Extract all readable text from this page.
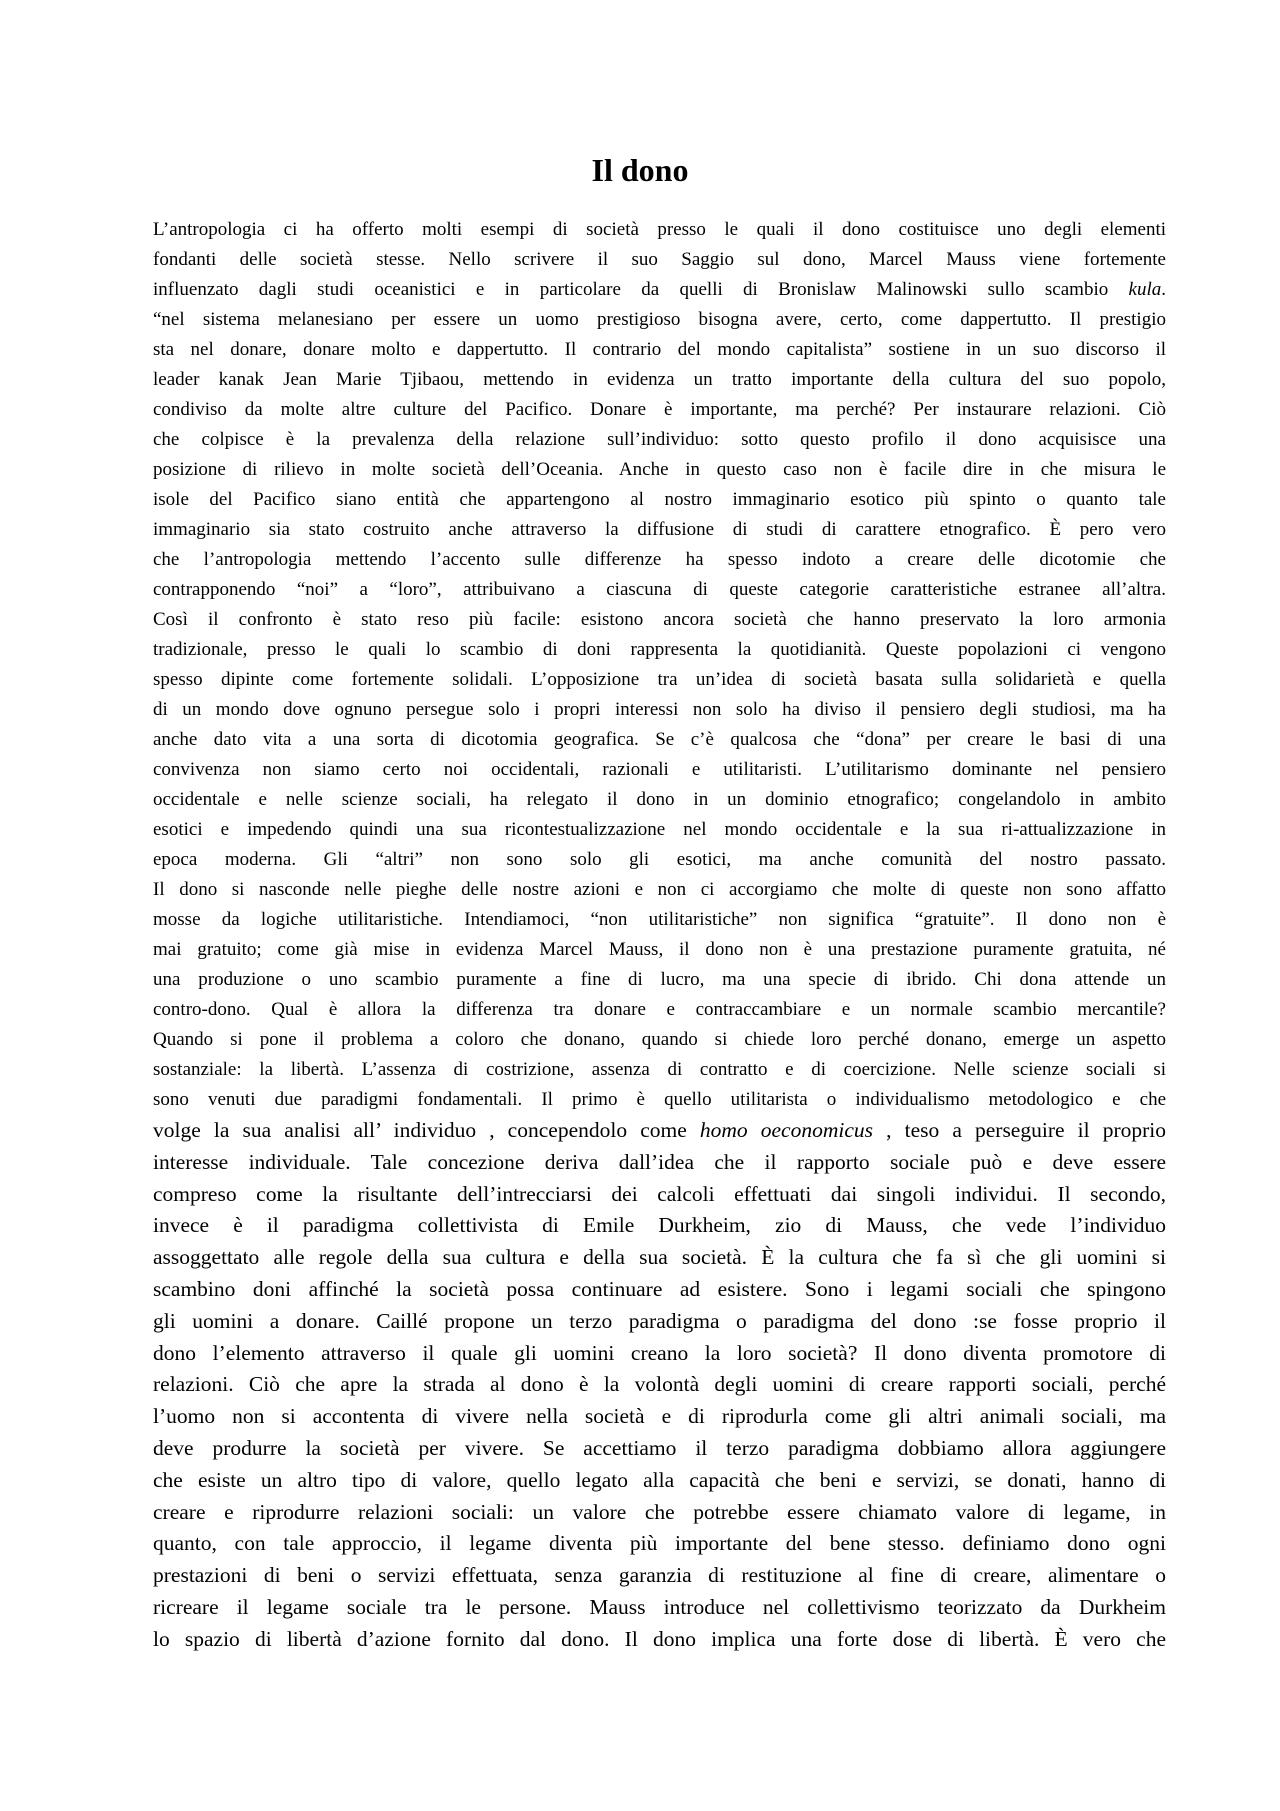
Il dono
L’antropologia ci ha offerto molti esempi di società presso le quali il dono costituisce uno degli elementi
fondanti delle società stesse. Nello scrivere il suo Saggio sul dono, Marcel Mauss viene fortemente
influenzato dagli studi oceanistici e in particolare da quelli di Bronislaw Malinowski sullo scambio kula.
“nel sistema melanesiano per essere un uomo prestigioso bisogna avere, certo, come dappertutto. Il prestigio
sta nel donare, donare molto e dappertutto. Il contrario del mondo capitalista” sostiene in un suo discorso il
leader kanak Jean Marie Tjibaou, mettendo in evidenza un tratto importante della cultura del suo popolo,
condiviso da molte altre culture del Pacifico. Donare è importante, ma perché? Per instaurare relazioni. Ciò
che colpisce è la prevalenza della relazione sull’individuo: sotto questo profilo il dono acquisisce una
posizione di rilievo in molte società dell’Oceania. Anche in questo caso non è facile dire in che misura le
isole del Pacifico siano entità che appartengono al nostro immaginario esotico più spinto o quanto tale
immaginario sia stato costruito anche attraverso la diffusione di studi di carattere etnografico. È pero vero
che l’antropologia mettendo l’accento sulle differenze ha spesso indoto a creare delle dicotomie che
contrapponendo “noi” a “loro”, attribuivano a ciascuna di queste categorie caratteristiche estranee all’altra.
Così il confronto è stato reso più facile: esistono ancora società che hanno preservato la loro armonia
tradizionale, presso le quali lo scambio di doni rappresenta la quotidianità. Queste popolazioni ci vengono
spesso dipinte come fortemente solidali. L’opposizione tra un’idea di società basata sulla solidarietà e quella
di un mondo dove ognuno persegue solo i propri interessi non solo ha diviso il pensiero degli studiosi, ma ha
anche dato vita a una sorta di dicotomia geografica. Se c’è qualcosa che “dona” per creare le basi di una
convivenza non siamo certo noi occidentali, razionali e utilitaristi. L’utilitarismo dominante nel pensiero
occidentale e nelle scienze sociali, ha relegato il dono in un dominio etnografico; congelandolo in ambito
esotici e impedendo quindi una sua ricontestualizzazione nel mondo occidentale e la sua ri-attualizzazione in
epoca moderna. Gli “altri” non sono solo gli esotici, ma anche comunità del nostro passato.
Il dono si nasconde nelle pieghe delle nostre azioni e non ci accorgiamo che molte di queste non sono affatto
mosse da logiche utilitaristiche. Intendiamoci, “non utilitaristiche” non significa “gratuite”. Il dono non è
mai gratuito; come già mise in evidenza Marcel Mauss, il dono non è una prestazione puramente gratuita, né
una produzione o uno scambio puramente a fine di lucro, ma una specie di ibrido. Chi dona attende un
contro-dono. Qual è allora la differenza tra donare e contraccambiare e un normale scambio mercantile?
Quando si pone il problema a coloro che donano, quando si chiede loro perché donano, emerge un aspetto
sostanziale: la libertà. L’assenza di costrizione, assenza di contratto e di coercizione. Nelle scienze sociali si
sono venuti due paradigmi fondamentali. Il primo è quello utilitarista o individualismo metodologico e che
volge la sua analisi all’ individuo , concependolo come homo oeconomicus , teso a perseguire il proprio
interesse individuale. Tale concezione deriva dall’idea che il rapporto sociale può e deve essere
compreso come la risultante dell’intrecciarsi dei calcoli effettuati dai singoli individui. Il secondo,
invece è il paradigma collettivista di Emile Durkheim, zio di Mauss, che vede l’individuo
assoggettato alle regole della sua cultura e della sua società. È la cultura che fa sì che gli uomini si
scambino doni affinché la società possa continuare ad esistere. Sono i legami sociali che spingono
gli uomini a donare. Caillé propone un terzo paradigma o paradigma del dono :se fosse proprio il
dono l’elemento attraverso il quale gli uomini creano la loro società? Il dono diventa promotore di
relazioni. Ciò che apre la strada al dono è la volontà degli uomini di creare rapporti sociali, perché
l’uomo non si accontenta di vivere nella società e di riprodurla come gli altri animali sociali, ma
deve produrre la società per vivere. Se accettiamo il terzo paradigma dobbiamo allora aggiungere
che esiste un altro tipo di valore, quello legato alla capacità che beni e servizi, se donati, hanno di
creare e riprodurre relazioni sociali: un valore che potrebbe essere chiamato valore di legame, in
quanto, con tale approccio, il legame diventa più importante del bene stesso. definiamo dono ogni
prestazioni di beni o servizi effettuata, senza garanzia di restituzione al fine di creare, alimentare o
ricreare il legame sociale tra le persone. Mauss introduce nel collettivismo teorizzato da Durkheim
lo spazio di libertà d’azione fornito dal dono. Il dono implica una forte dose di libertà. È vero che
